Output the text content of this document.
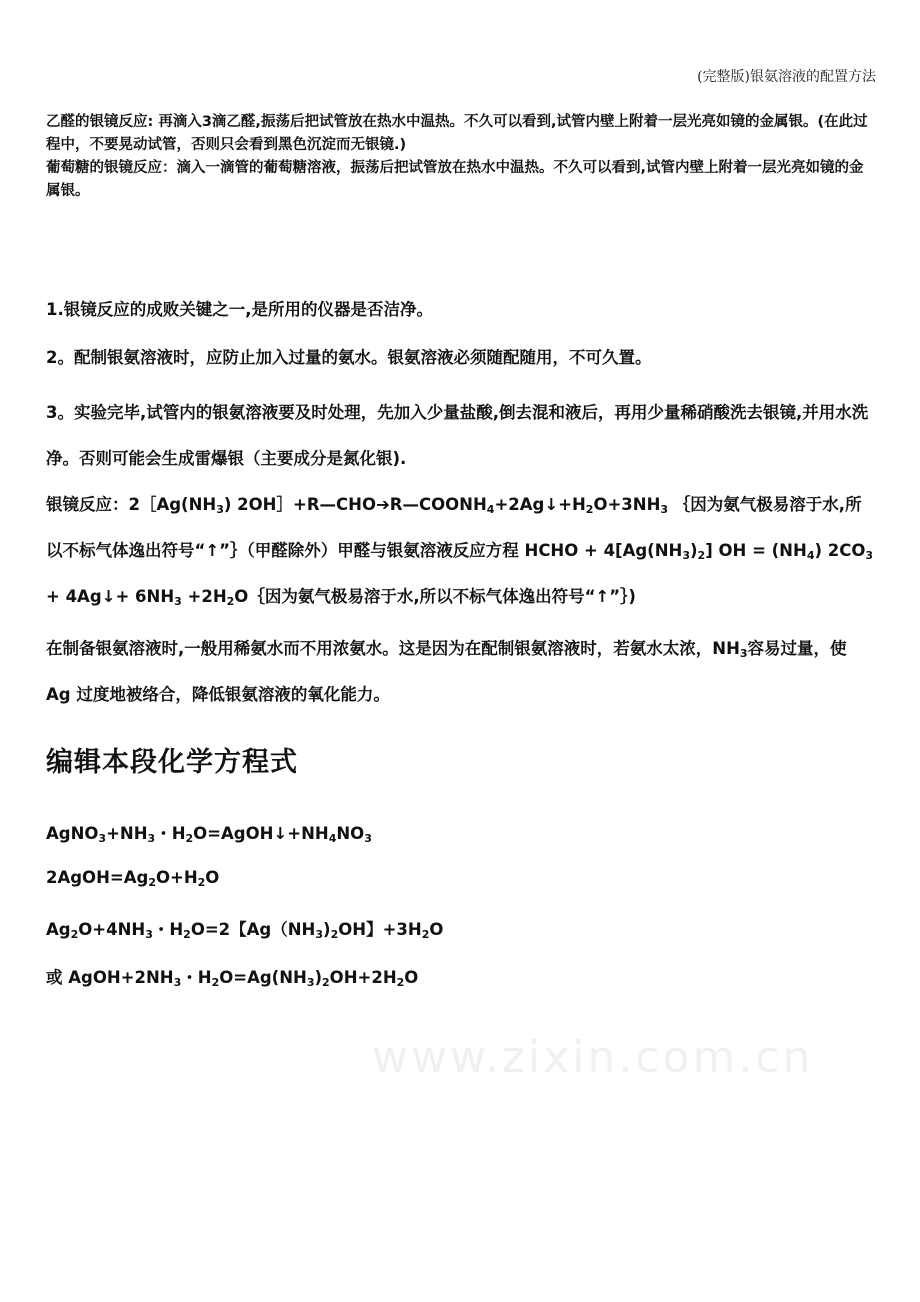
(完整版)银氨溶液的配置方法
乙醛的银镜反应: 再滴入3滴乙醛,振荡后把试管放在热水中温热。不久可以看到,试管内壁上附着一层光亮如镜的金属银。(在此过程中，不要晃动试管，否则只会看到黑色沉淀而无银镜.)
葡萄糖的银镜反应：滴入一滴管的葡萄糖溶液，振荡后把试管放在热水中温热。不久可以看到,试管内壁上附着一层光亮如镜的金属银。
1.银镜反应的成败关键之一,是所用的仪器是否洁净。
2。配制银氨溶液时，应防止加入过量的氨水。银氨溶液必须随配随用，不可久置。
3。实验完毕,试管内的银氨溶液要及时处理，先加入少量盐酸,倒去混和液后，再用少量稀硝酸洗去银镜,并用水洗净。否则可能会生成雷爆银（主要成分是氮化银).
银镜反应：$2[Ag(NH_3)$ $2OH]+R—CHO➔R—COONH_4+2Ag↓+H_2O+3NH_3$ ｛因为氨气极易溶于水,所以不标气体逸出符号“↑”｝（甲醛除外）甲醛与银氨溶液反应方程 HCHO + $4[Ag(NH_3)_2]$ OH = $(NH_4) 2CO_3$ + 4Ag↓+ $6NH_3$ $+2H_2O\{$因为氨气极易溶于水,所以不标气体逸出符号“↑”｝)
在制备银氨溶液时,一般用稀氨水而不用浓氨水。这是因为在配制银氨溶液时，若氨水太浓，$NH_3$容易过量，使 Ag 过度地被络合，降低银氨溶液的氧化能力。
编辑本段化学方程式
$AgNO_3+NH_3$・$H_2O=AgOH↓+NH_4NO_3$
$2AgOH=Ag_2O+H_2O$
$Ag_2O+4NH_3$・$H_2O=2$【$Ag(NH_3)_2OH$】$+3H_2O$
或 $AgOH+2NH_3$・$H_2O=Ag(NH_3)_2OH+2H_2O$
www.zixin.com.cn
